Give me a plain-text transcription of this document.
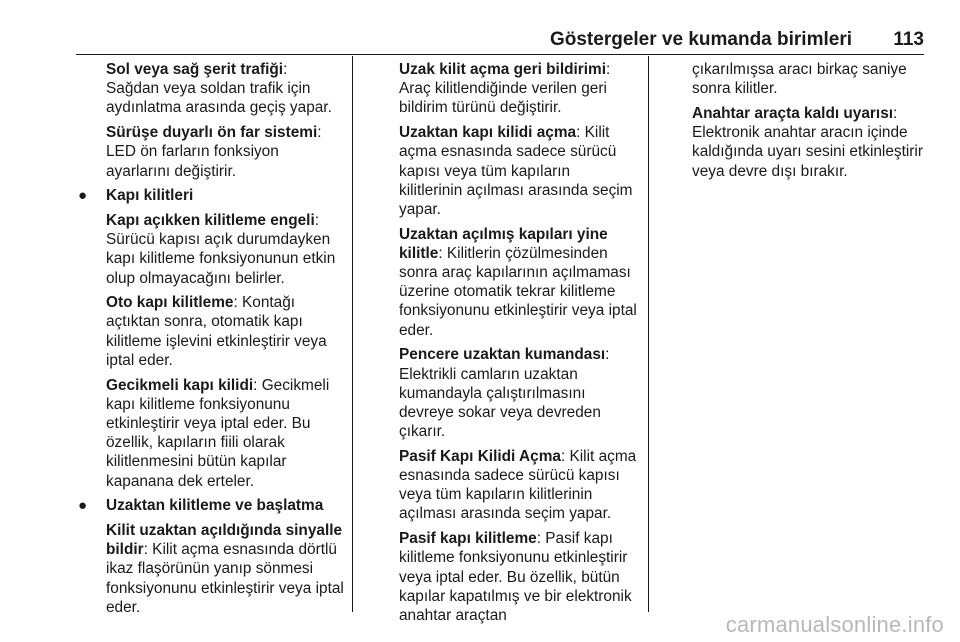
Göstergeler ve kumanda birimleri 113

Sol veya sağ şerit trafiği: Sağdan veya soldan trafik için aydınlatma arasında geçiş yapar.

Sürüşe duyarlı ön far sistemi: LED ön farların fonksiyon ayarlarını değiştirir.

● Kapı kilitleri

Kapı açıkken kilitleme engeli: Sürücü kapısı açık durumdayken kapı kilitleme fonksiyonunun etkin olup olmayacağını belirler.

Oto kapı kilitleme: Kontağı açtıktan sonra, otomatik kapı kilitleme işlevini etkinleştirir veya iptal eder.

Gecikmeli kapı kilidi: Gecikmeli kapı kilitleme fonksiyonunu etkinleştirir veya iptal eder. Bu özellik, kapıların fiili olarak kilitlenmesini bütün kapılar kapanana dek erteler.

● Uzaktan kilitleme ve başlatma

Kilit uzaktan açıldığında sinyalle bildir: Kilit açma esnasında dörtlü ikaz flaşörünün yanıp sönmesi fonksiyonunu etkinleştirir veya iptal eder.

Uzak kilit açma geri bildirimi: Araç kilitlendiğinde verilen geri bildirim türünü değiştirir.

Uzaktan kapı kilidi açma: Kilit açma esnasında sadece sürücü kapısı veya tüm kapıların kilitlerinin açılması arasında seçim yapar.

Uzaktan açılmış kapıları yine kilitle: Kilitlerin çözülmesinden sonra araç kapılarının açılmaması üzerine otomatik tekrar kilitleme fonksiyonunu etkinleştirir veya iptal eder.

Pencere uzaktan kumandası: Elektrikli camların uzaktan kumandayla çalıştırılmasını devreye sokar veya devreden çıkarır.

Pasif Kapı Kilidi Açma: Kilit açma esnasında sadece sürücü kapısı veya tüm kapıların kilitlerinin açılması arasında seçim yapar.

Pasif kapı kilitleme: Pasif kapı kilitleme fonksiyonunu etkinleştirir veya iptal eder. Bu özellik, bütün kapılar kapatılmış ve bir elektronik anahtar araçtan

çıkarılmışsa aracı birkaç saniye sonra kilitler.

Anahtar araçta kaldı uyarısı: Elektronik anahtar aracın içinde kaldığında uyarı sesini etkinleştirir veya devre dışı bırakır.

carmanualsonline.info
